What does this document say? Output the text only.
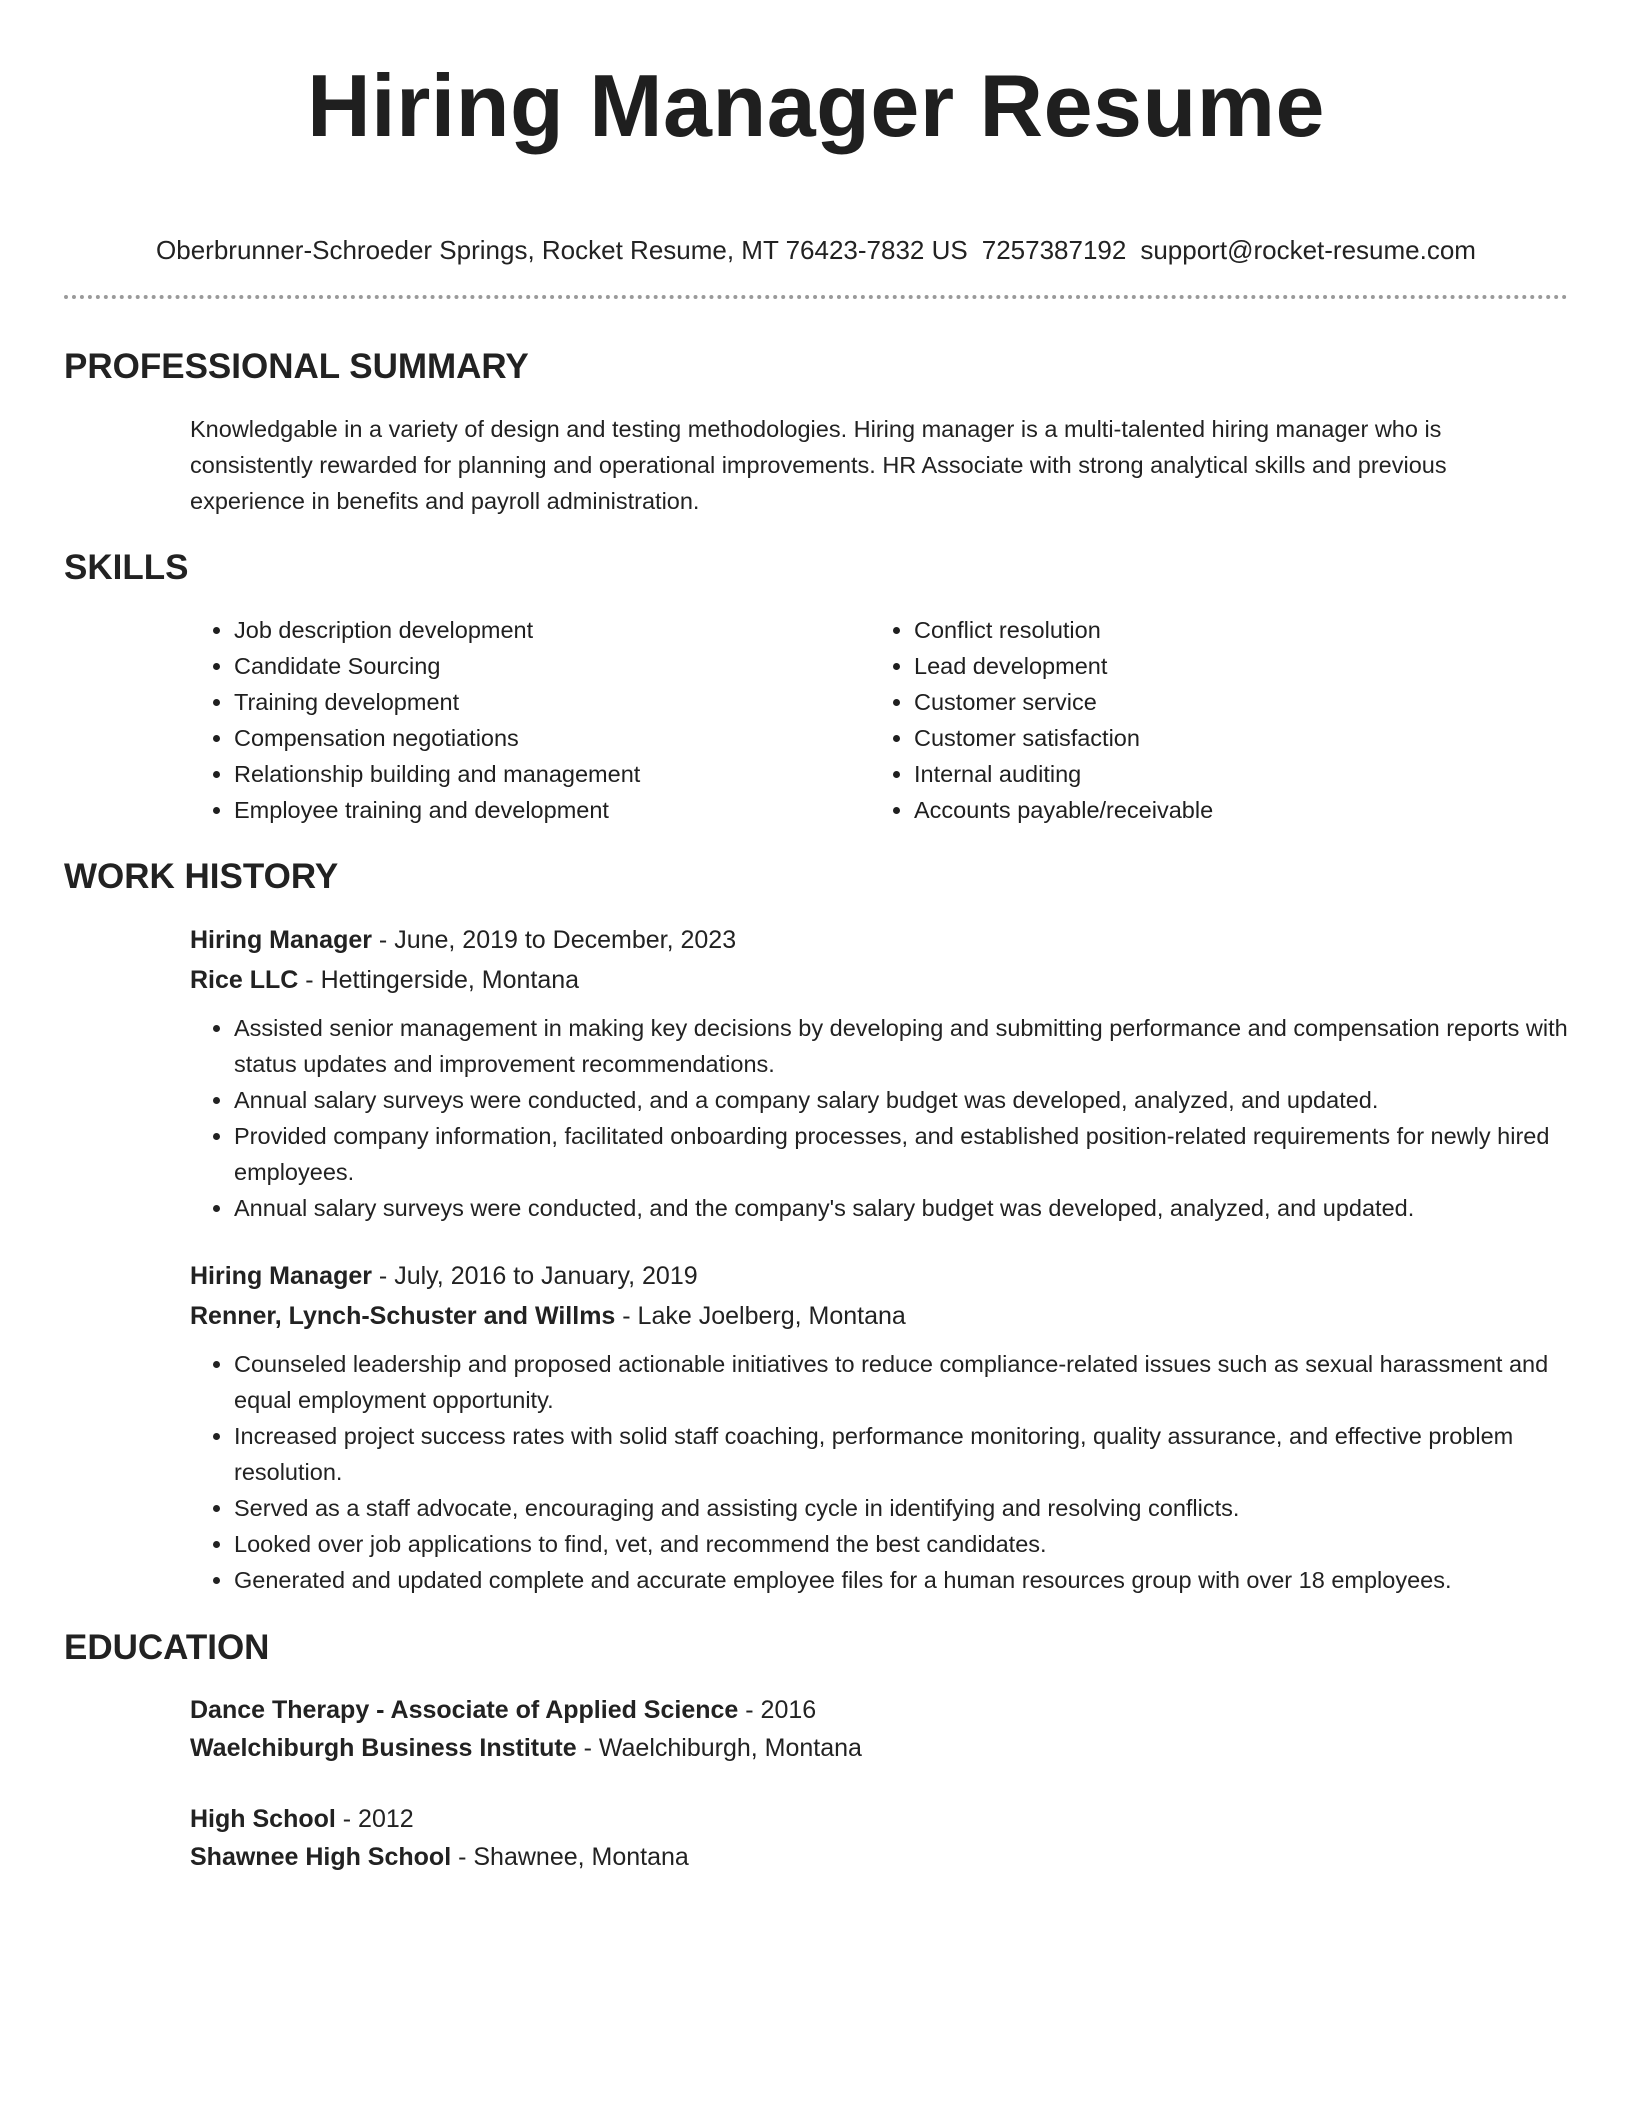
Hiring Manager Resume
Oberbrunner-Schroeder Springs, Rocket Resume, MT 76423-7832 US 7257387192 support@rocket-resume.com
PROFESSIONAL SUMMARY
Knowledgable in a variety of design and testing methodologies. Hiring manager is a multi-talented hiring manager who is consistently rewarded for planning and operational improvements. HR Associate with strong analytical skills and previous experience in benefits and payroll administration.
SKILLS
• Job description development
• Candidate Sourcing
• Training development
• Compensation negotiations
• Relationship building and management
• Employee training and development
• Conflict resolution
• Lead development
• Customer service
• Customer satisfaction
• Internal auditing
• Accounts payable/receivable
WORK HISTORY
Hiring Manager - June, 2019 to December, 2023
Rice LLC - Hettingerside, Montana
• Assisted senior management in making key decisions by developing and submitting performance and compensation reports with status updates and improvement recommendations.
• Annual salary surveys were conducted, and a company salary budget was developed, analyzed, and updated.
• Provided company information, facilitated onboarding processes, and established position-related requirements for newly hired employees.
• Annual salary surveys were conducted, and the company's salary budget was developed, analyzed, and updated.
Hiring Manager - July, 2016 to January, 2019
Renner, Lynch-Schuster and Willms - Lake Joelberg, Montana
• Counseled leadership and proposed actionable initiatives to reduce compliance-related issues such as sexual harassment and equal employment opportunity.
• Increased project success rates with solid staff coaching, performance monitoring, quality assurance, and effective problem resolution.
• Served as a staff advocate, encouraging and assisting cycle in identifying and resolving conflicts.
• Looked over job applications to find, vet, and recommend the best candidates.
• Generated and updated complete and accurate employee files for a human resources group with over 18 employees.
EDUCATION
Dance Therapy - Associate of Applied Science - 2016
Waelchiburgh Business Institute - Waelchiburgh, Montana
High School - 2012
Shawnee High School - Shawnee, Montana
